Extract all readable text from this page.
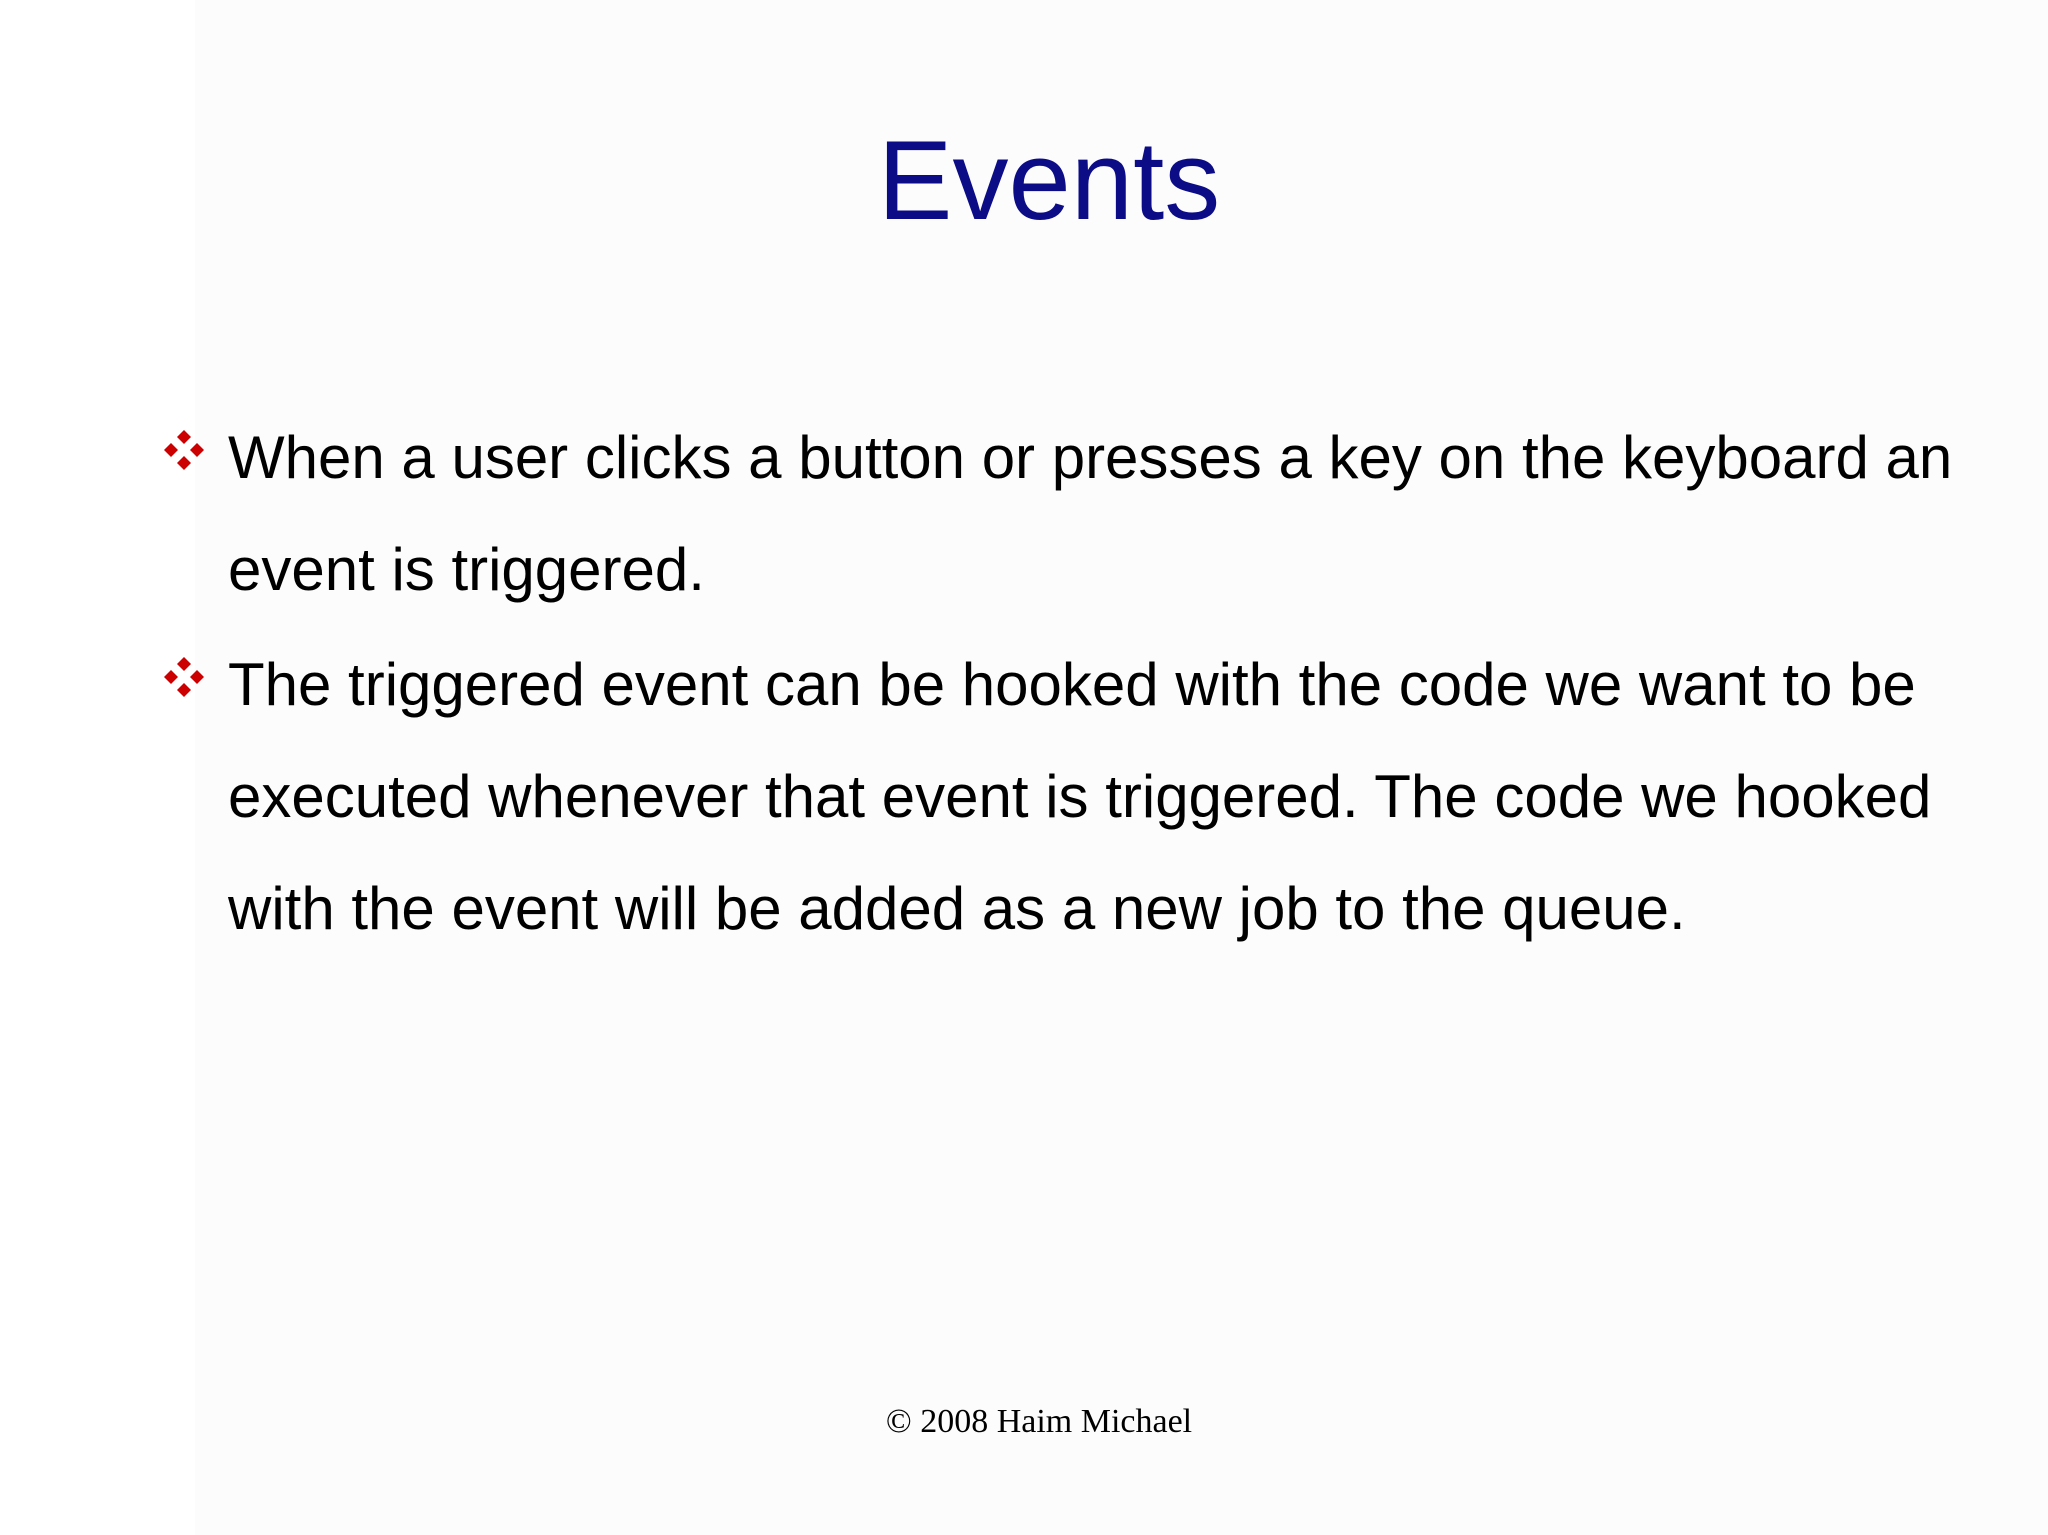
Events

When a user clicks a button or presses a key on the keyboard an event is triggered.

The triggered event can be hooked with the code we want to be executed whenever that event is triggered. The code we hooked with the event will be added as a new job to the queue.

© 2008 Haim Michael
